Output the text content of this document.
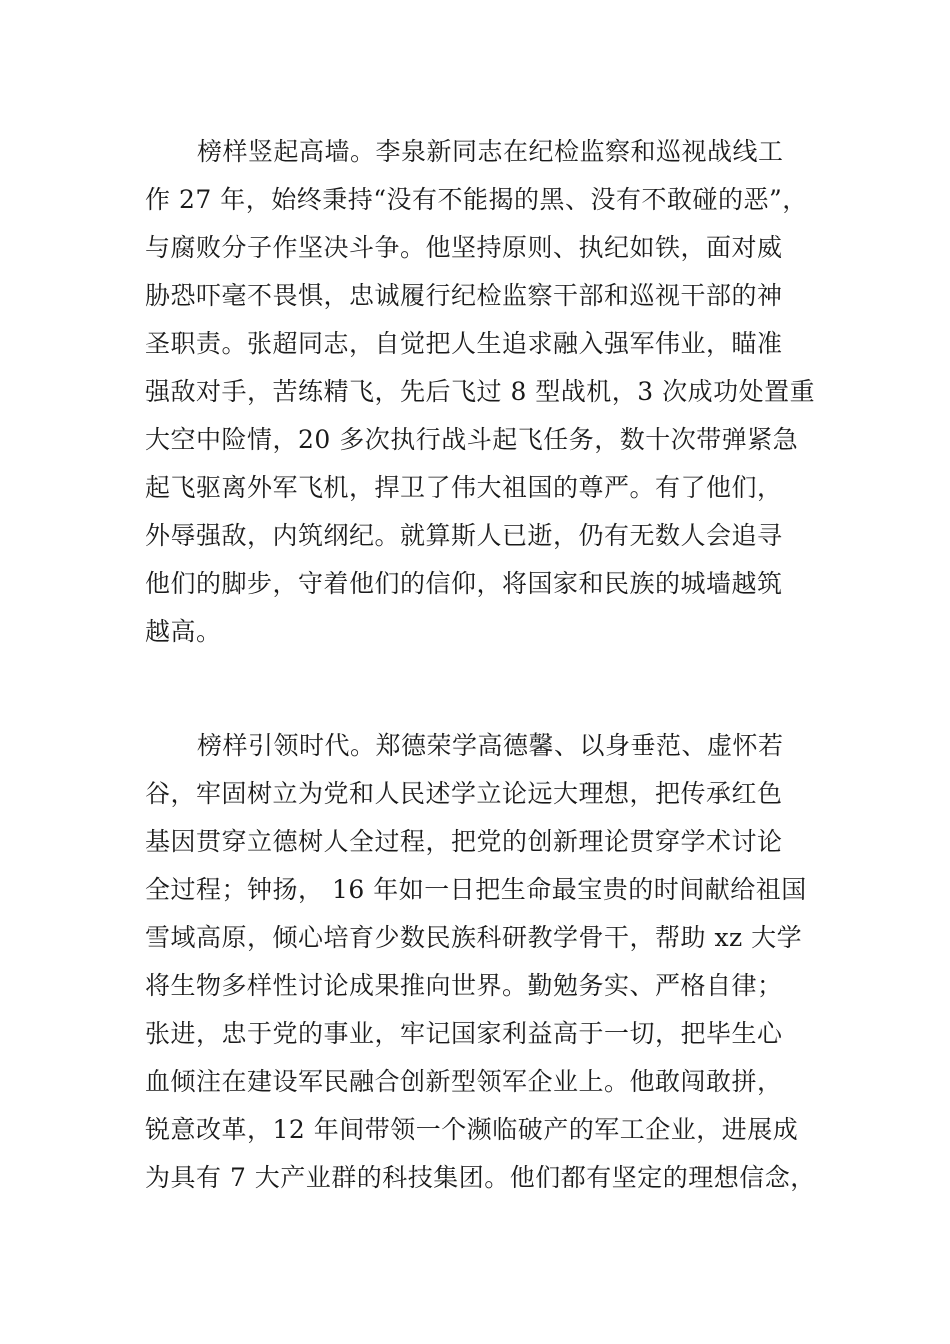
榜样竖起高墙。李泉新同志在纪检监察和巡视战线工
作 27 年，始终秉持“没有不能揭的黑、没有不敢碰的恶”，
与腐败分子作坚决斗争。他坚持原则、执纪如铁，面对威
胁恐吓毫不畏惧，忠诚履行纪检监察干部和巡视干部的神
圣职责。张超同志，自觉把人生追求融入强军伟业，瞄准
强敌对手，苦练精飞，先后飞过 8 型战机，3 次成功处置重
大空中险情，20 多次执行战斗起飞任务，数十次带弹紧急
起飞驱离外军飞机，捍卫了伟大祖国的尊严。有了他们，
外辱强敌，内筑纲纪。就算斯人已逝，仍有无数人会追寻
他们的脚步，守着他们的信仰，将国家和民族的城墙越筑
越高。
榜样引领时代。郑德荣学高德馨、以身垂范、虚怀若
谷，牢固树立为党和人民述学立论远大理想，把传承红色
基因贯穿立德树人全过程，把党的创新理论贯穿学术讨论
全过程；钟扬， 16 年如一日把生命最宝贵的时间献给祖国
雪域高原，倾心培育少数民族科研教学骨干，帮助 xz 大学
将生物多样性讨论成果推向世界。勤勉务实、严格自律；
张进，忠于党的事业，牢记国家利益高于一切，把毕生心
血倾注在建设军民融合创新型领军企业上。他敢闯敢拼，
锐意改革，12 年间带领一个濒临破产的军工企业，进展成
为具有 7 大产业群的科技集团。他们都有坚定的理想信念，
